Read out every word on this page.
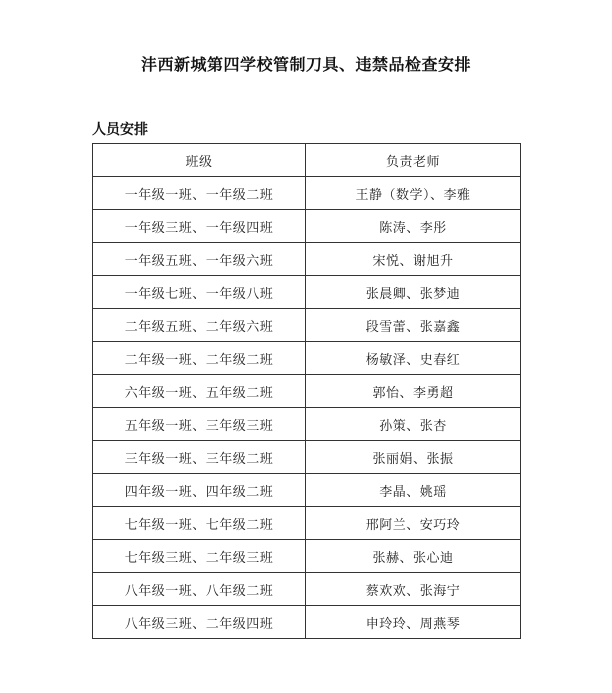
沣西新城第四学校管制刀具、违禁品检查安排
人员安排
班级	负责老师
一年级一班、一年级二班	王静（数学）、李雅
一年级三班、一年级四班	陈涛、李彤
一年级五班、一年级六班	宋悦、谢旭升
一年级七班、一年级八班	张晨卿、张梦迪
二年级五班、二年级六班	段雪蕾、张嘉鑫
二年级一班、二年级二班	杨敏泽、史春红
六年级一班、五年级二班	郭怡、李勇超
五年级一班、三年级三班	孙策、张杏
三年级一班、三年级二班	张丽娟、张振
四年级一班、四年级二班	李晶、姚瑶
七年级一班、七年级二班	邢阿兰、安巧玲
七年级三班、二年级三班	张赫、张心迪
八年级一班、八年级二班	蔡欢欢、张海宁
八年级三班、二年级四班	申玲玲、周燕琴
